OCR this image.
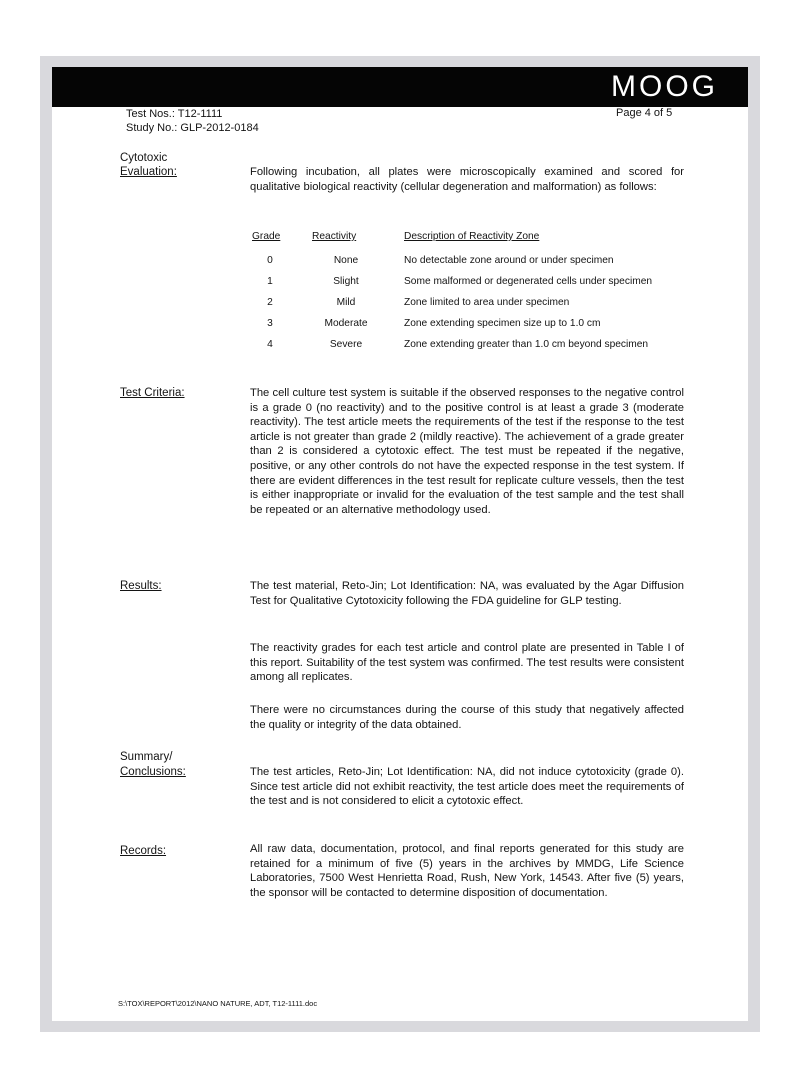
MOOG
Test Nos.: T12-1111
Study No.: GLP-2012-0184
Page 4 of 5
Cytotoxic
Evaluation:	Following incubation, all plates were microscopically examined and scored for qualitative biological reactivity (cellular degeneration and malformation) as follows:
Grade	Reactivity	Description of Reactivity Zone
0	None	No detectable zone around or under specimen
1	Slight	Some malformed or degenerated cells under specimen
2	Mild	Zone limited to area under specimen
3	Moderate	Zone extending specimen size up to 1.0 cm
4	Severe	Zone extending greater than 1.0 cm beyond specimen
Test Criteria:	The cell culture test system is suitable if the observed responses to the negative control is a grade 0 (no reactivity) and to the positive control is at least a grade 3 (moderate reactivity). The test article meets the requirements of the test if the response to the test article is not greater than grade 2 (mildly reactive). The achievement of a grade greater than 2 is considered a cytotoxic effect. The test must be repeated if the negative, positive, or any other controls do not have the expected response in the test system. If there are evident differences in the test result for replicate culture vessels, then the test is either inappropriate or invalid for the evaluation of the test sample and the test shall be repeated or an alternative methodology used.
Results:	The test material, Reto-Jin; Lot Identification: NA, was evaluated by the Agar Diffusion Test for Qualitative Cytotoxicity following the FDA guideline for GLP testing.
The reactivity grades for each test article and control plate are presented in Table I of this report. Suitability of the test system was confirmed. The test results were consistent among all replicates.
There were no circumstances during the course of this study that negatively affected the quality or integrity of the data obtained.
Summary/
Conclusions:	The test articles, Reto-Jin; Lot Identification: NA, did not induce cytotoxicity (grade 0). Since test article did not exhibit reactivity, the test article does meet the requirements of the test and is not considered to elicit a cytotoxic effect.
Records:	All raw data, documentation, protocol, and final reports generated for this study are retained for a minimum of five (5) years in the archives by MMDG, Life Science Laboratories, 7500 West Henrietta Road, Rush, New York, 14543. After five (5) years, the sponsor will be contacted to determine disposition of documentation.
S:\TOX\REPORT\2012\NANO NATURE, ADT, T12-1111.doc
